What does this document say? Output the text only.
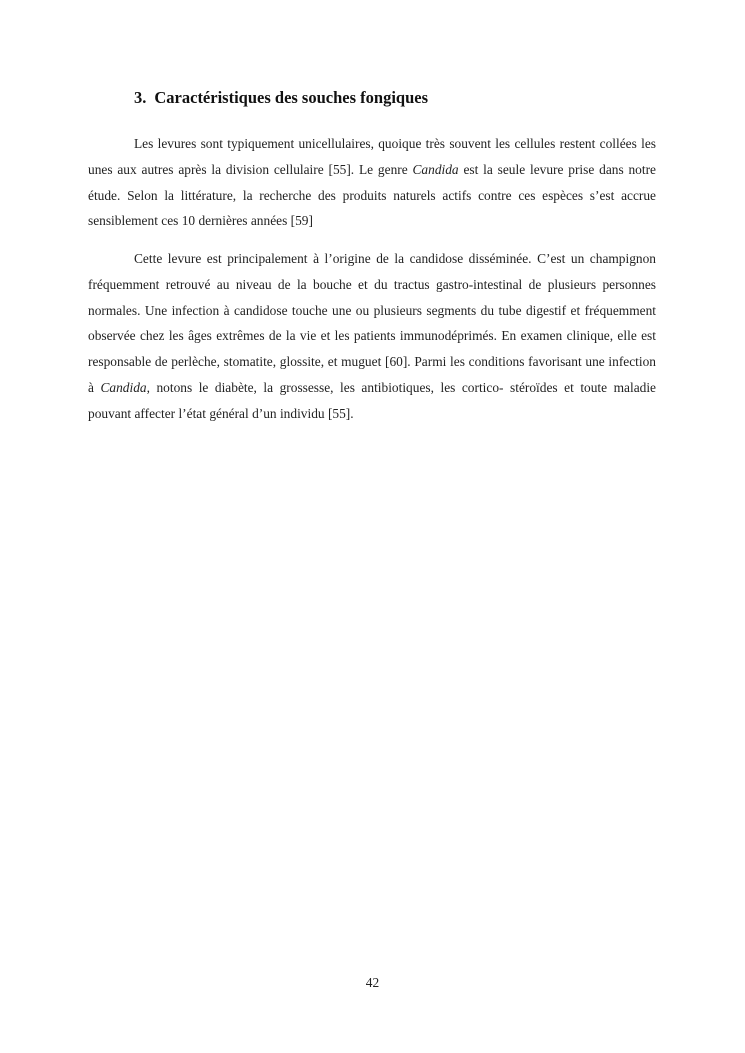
3. Caractéristiques des souches fongiques

Les levures sont typiquement unicellulaires, quoique très souvent les cellules restent collées les unes aux autres après la division cellulaire [55]. Le genre Candida est la seule levure prise dans notre étude. Selon la littérature, la recherche des produits naturels actifs contre ces espèces s’est accrue sensiblement ces 10 dernières années [59]

Cette levure est principalement à l’origine de la candidose disséminée. C’est un champignon fréquemment retrouvé au niveau de la bouche et du tractus gastro-intestinal de plusieurs personnes normales. Une infection à candidose touche une ou plusieurs segments du tube digestif et fréquemment observée chez les âges extrêmes de la vie et les patients immunodéprimés. En examen clinique, elle est responsable de perlèche, stomatite, glossite, et muguet [60]. Parmi les conditions favorisant une infection à Candida, notons le diabète, la grossesse, les antibiotiques, les cortico- stéroïdes et toute maladie pouvant affecter l’état général d’un individu [55].

42
